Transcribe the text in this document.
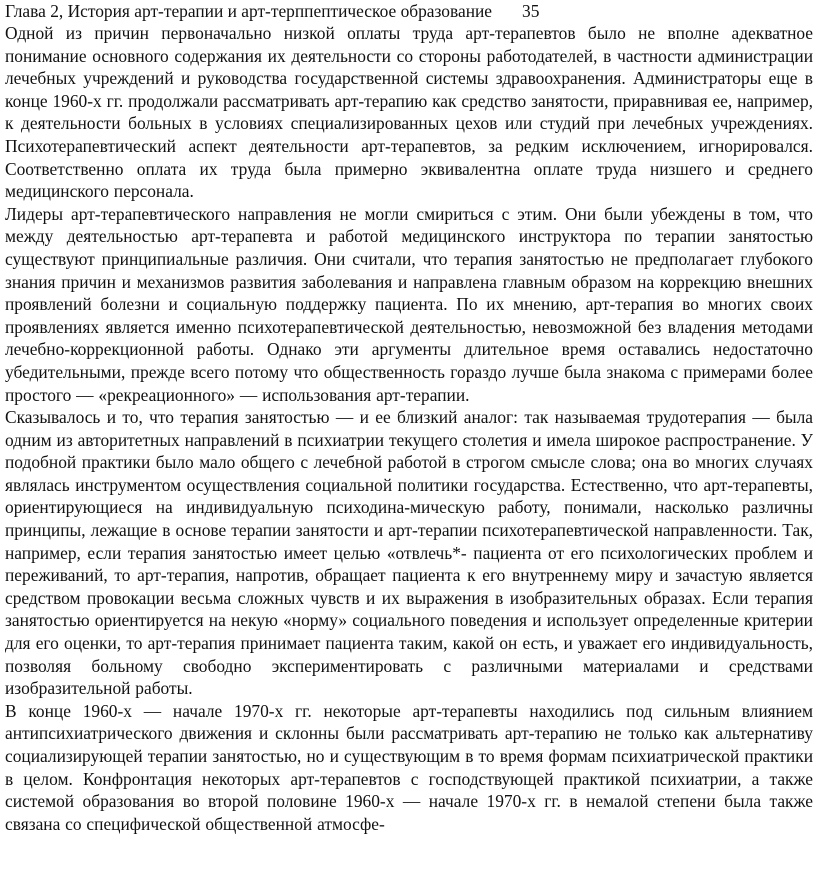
Глава 2, История арт-терапии и арт-терппептическое образование 35

Одной из причин первоначально низкой оплаты труда арт-терапевтов было не вполне адекватное понимание основного содержания их деятельности со стороны работодателей, в частности администрации лечебных учреждений и руководства государственной системы здравоохранения. Администраторы еще в конце 1960-х гг. продолжали рассматривать арт-терапию как средство занятости, приравнивая ее, например, к деятельности больных в условиях специализированных цехов или студий при лечебных учреждениях. Психотерапевтический аспект деятельности арт-терапевтов, за редким исключением, игнорировался. Соответственно оплата их труда была примерно эквивалентна оплате труда низшего и среднего медицинского персонала.

Лидеры арт-терапевтического направления не могли смириться с этим. Они были убеждены в том, что между деятельностью арт-терапевта и работой медицинского инструктора по терапии занятостью существуют принципиальные различия. Они считали, что терапия занятостью не предполагает глубокого знания причин и механизмов развития заболевания и направлена главным образом на коррекцию внешних проявлений болезни и социальную поддержку пациента. По их мнению, арт-терапия во многих своих проявлениях является именно психотерапевтической деятельностью, невозможной без владения методами лечебно-коррекционной работы. Однако эти аргументы длительное время оставались недостаточно убедительными, прежде всего потому что общественность гораздо лучше была знакома с примерами более простого — «рекреационного» — использования арт-терапии.

Сказывалось и то, что терапия занятостью — и ее близкий аналог: так называемая трудотерапия — была одним из авторитетных направлений в психиатрии текущего столетия и имела широкое распространение. У подобной практики было мало общего с лечебной работой в строгом смысле слова; она во многих случаях являлась инструментом осуществления социальной политики государства. Естественно, что арт-терапевты, ориентирующиеся на индивидуальную психодина-мическую работу, понимали, насколько различны принципы, лежащие в основе терапии занятости и арт-терапии психотерапевтической направленности. Так, например, если терапия занятостью имеет целью «отвлечь*- пациента от его психологических проблем и переживаний, то арт-терапия, напротив, обращает пациента к его внутреннему миру и зачастую является средством провокации весьма сложных чувств и их выражения в изобразительных образах. Если терапия занятостью ориентируется на некую «норму» социального поведения и использует определенные критерии для его оценки, то арт-терапия принимает пациента таким, какой он есть, и уважает его индивидуальность, позволяя больному свободно экспериментировать с различными материалами и средствами изобразительной работы.

В конце 1960-х — начале 1970-х гг. некоторые арт-терапевты находились под сильным влиянием антипсихиатрического движения и склонны были рассматривать арт-терапию не только как альтернативу социализирующей терапии занятостью, но и существующим в то время формам психиатрической практики в целом. Конфронтация некоторых арт-терапевтов с господствующей практикой психиатрии, а также системой образования во второй половине 1960-х — начале 1970-х гг. в немалой степени была также связана со специфической общественной атмосфе-
